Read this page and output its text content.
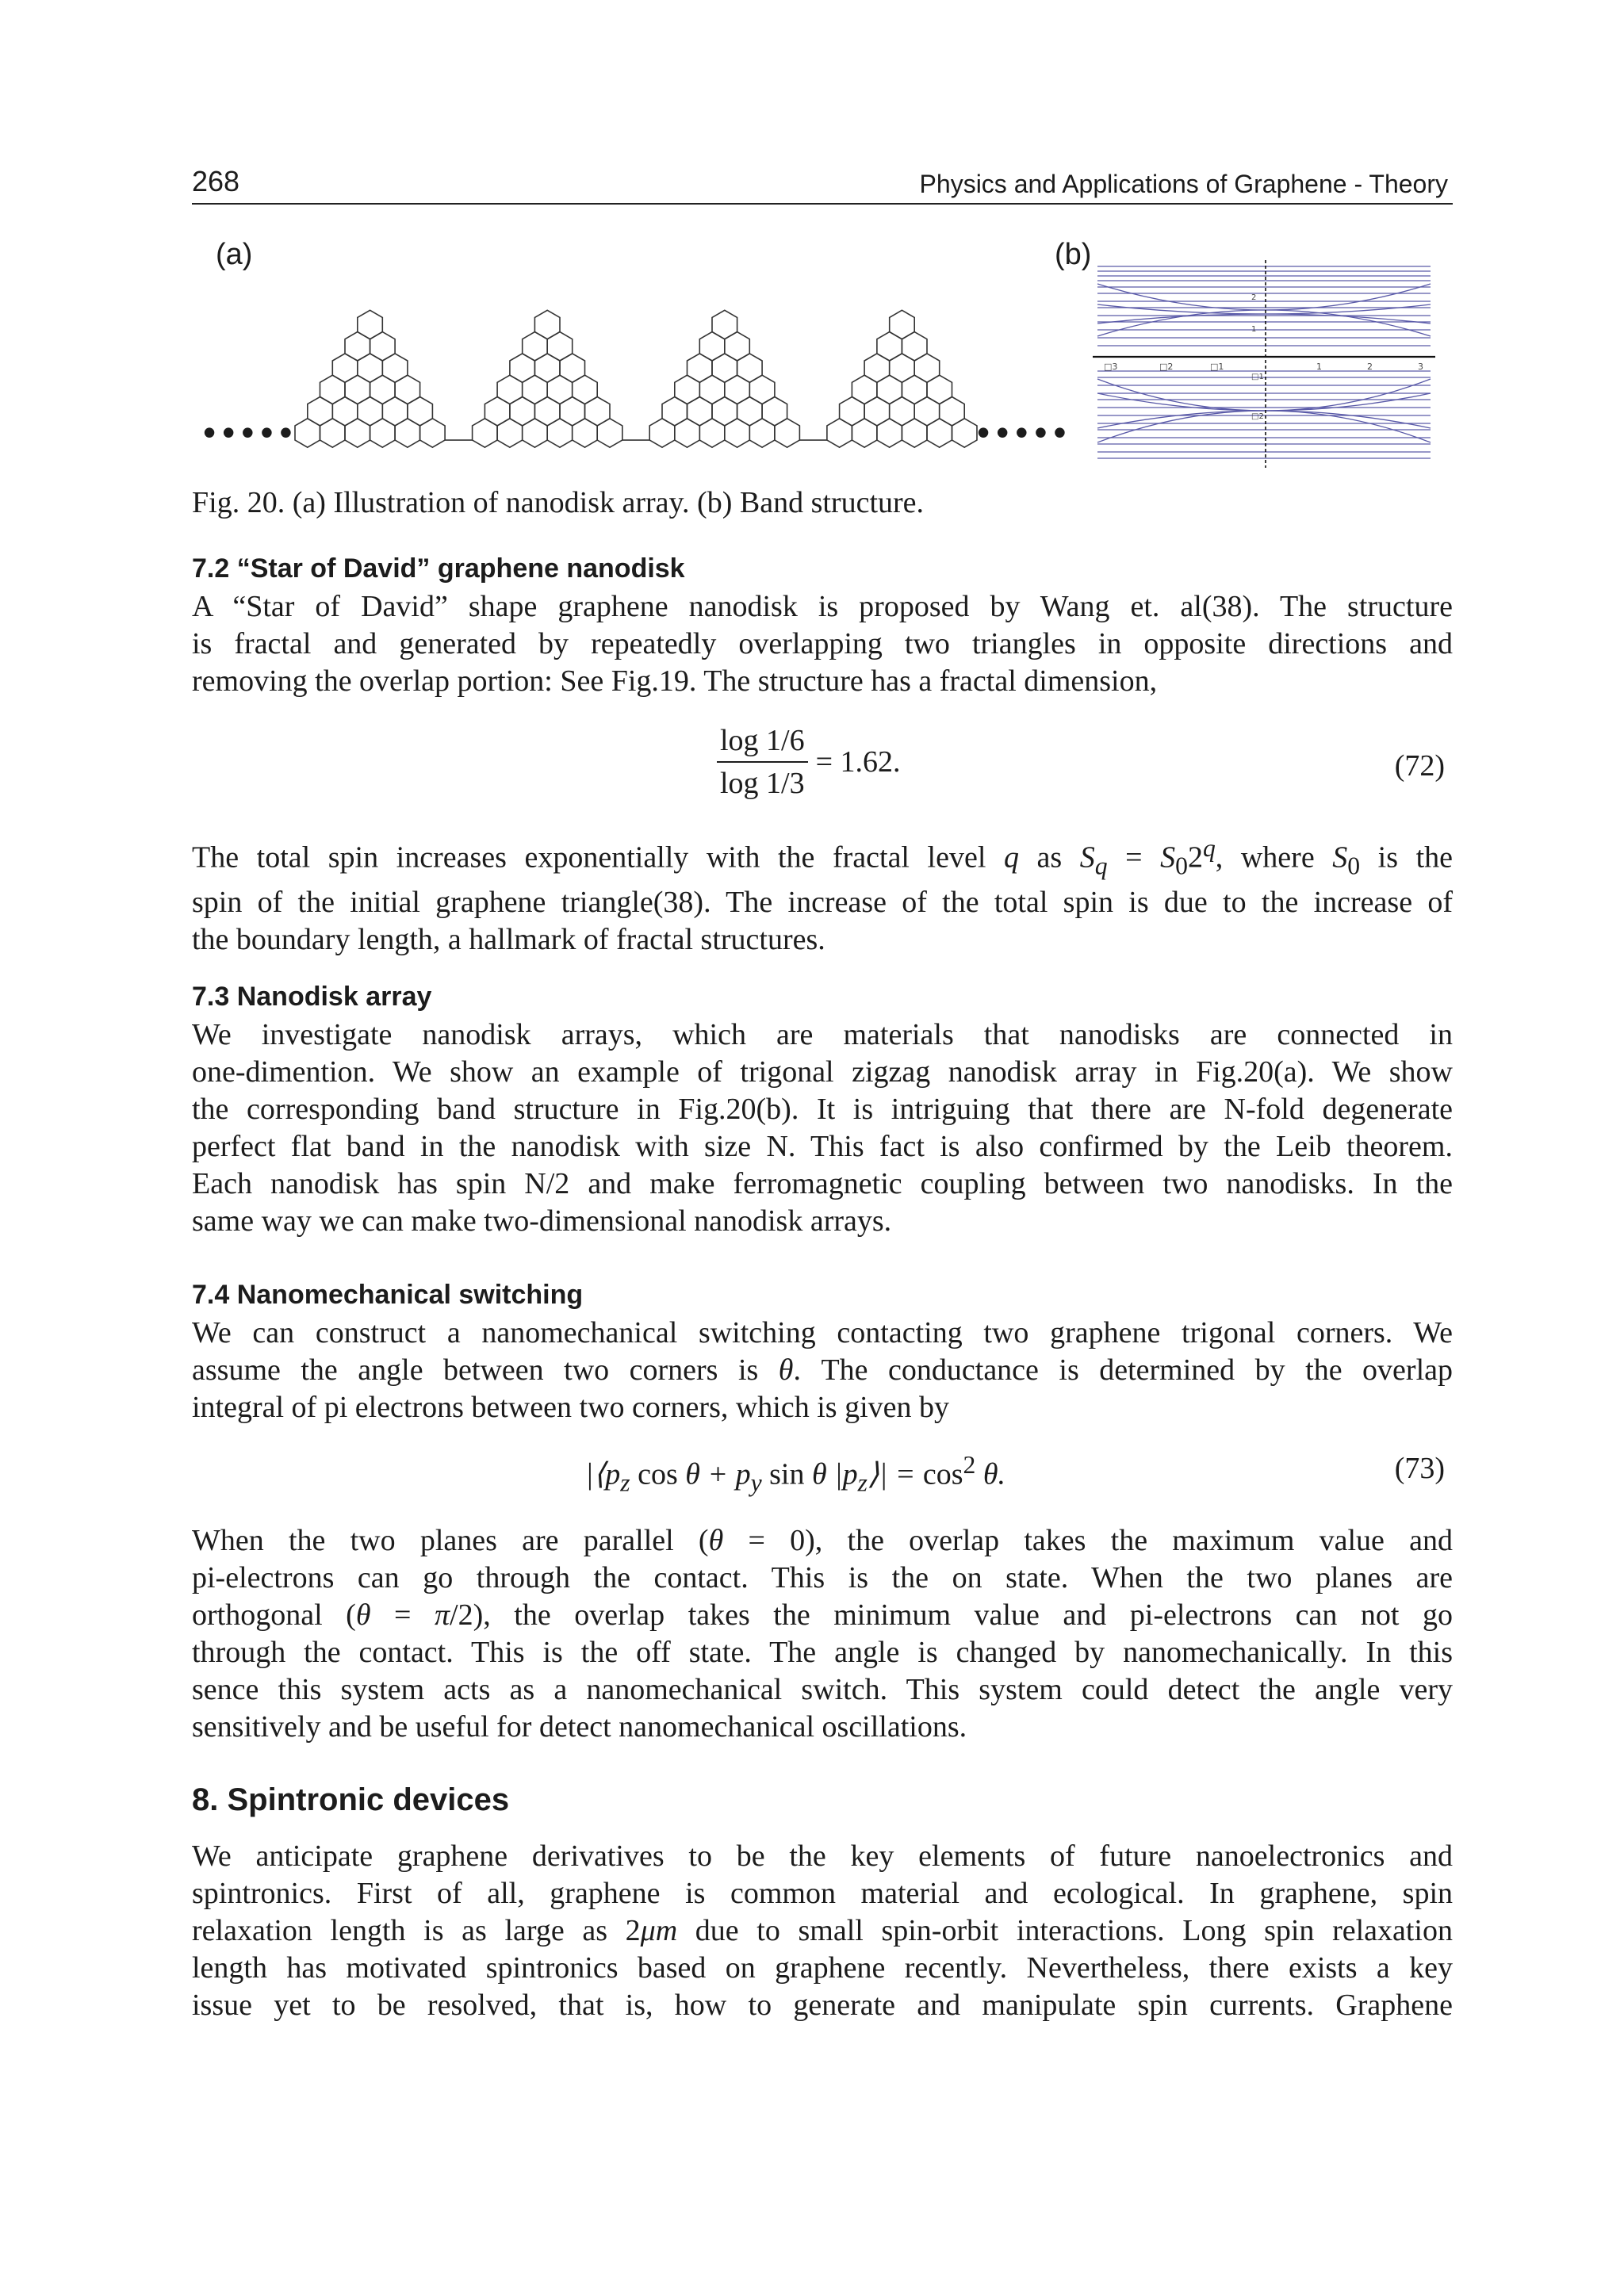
268	Physics and Applications of Graphene - Theory
(a)	(b)
•••••	•••••
□3	□2	□1	1	2	3
2
1
□1
□2
Fig. 20. (a) Illustration of nanodisk array. (b) Band structure.
7.2 “Star of David” graphene nanodisk

A “Star of David” shape graphene nanodisk is proposed by Wang et. al(38). The structure
is fractal and generated by repeatedly overlapping two triangles in opposite directions and
removing the overlap portion: See Fig.19. The structure has a fractal dimension,

$\frac{\log 1/6}{\log 1/3} = 1.62$.	(72)

The total spin increases exponentially with the fractal level q as $S_q = S_02^q$, where $S_0$ is the
spin of the initial graphene triangle(38). The increase of the total spin is due to the increase of
the boundary length, a hallmark of fractal structures.

7.3 Nanodisk array

We investigate nanodisk arrays, which are materials that nanodisks are connected in
one-dimention. We show an example of trigonal zigzag nanodisk array in Fig.20(a). We show
the corresponding band structure in Fig.20(b). It is intriguing that there are N-fold degenerate
perfect flat band in the nanodisk with size N. This fact is also confirmed by the Leib theorem.
Each nanodisk has spin N/2 and make ferromagnetic coupling between two nanodisks. In the
same way we can make two-dimensional nanodisk arrays.

7.4 Nanomechanical switching

We can construct a nanomechanical switching contacting two graphene trigonal corners. We
assume the angle between two corners is θ. The conductance is determined by the overlap
integral of pi electrons between two corners, which is given by

$|⟨p_z$ $\cos \theta + p_y$ sin θ $|p_z⟩| = \cos^2 \theta$.	(73)

When the two planes are parallel (θ = 0), the overlap takes the maximum value and
pi-electrons can go through the contact. This is the on state. When the two planes are
orthogonal (θ = π/2), the overlap takes the minimum value and pi-electrons can not go
through the contact. This is the off state. The angle is changed by nanomechanically. In this
sence this system acts as a nanomechanical switch. This system could detect the angle very
sensitively and be useful for detect nanomechanical oscillations.

8. Spintronic devices

We anticipate graphene derivatives to be the key elements of future nanoelectronics and
spintronics. First of all, graphene is common material and ecological. In graphene, spin
relaxation length is as large as 2μm due to small spin-orbit interactions. Long spin relaxation
length has motivated spintronics based on graphene recently. Nevertheless, there exists a key
issue yet to be resolved, that is, how to generate and manipulate spin currents. Graphene
